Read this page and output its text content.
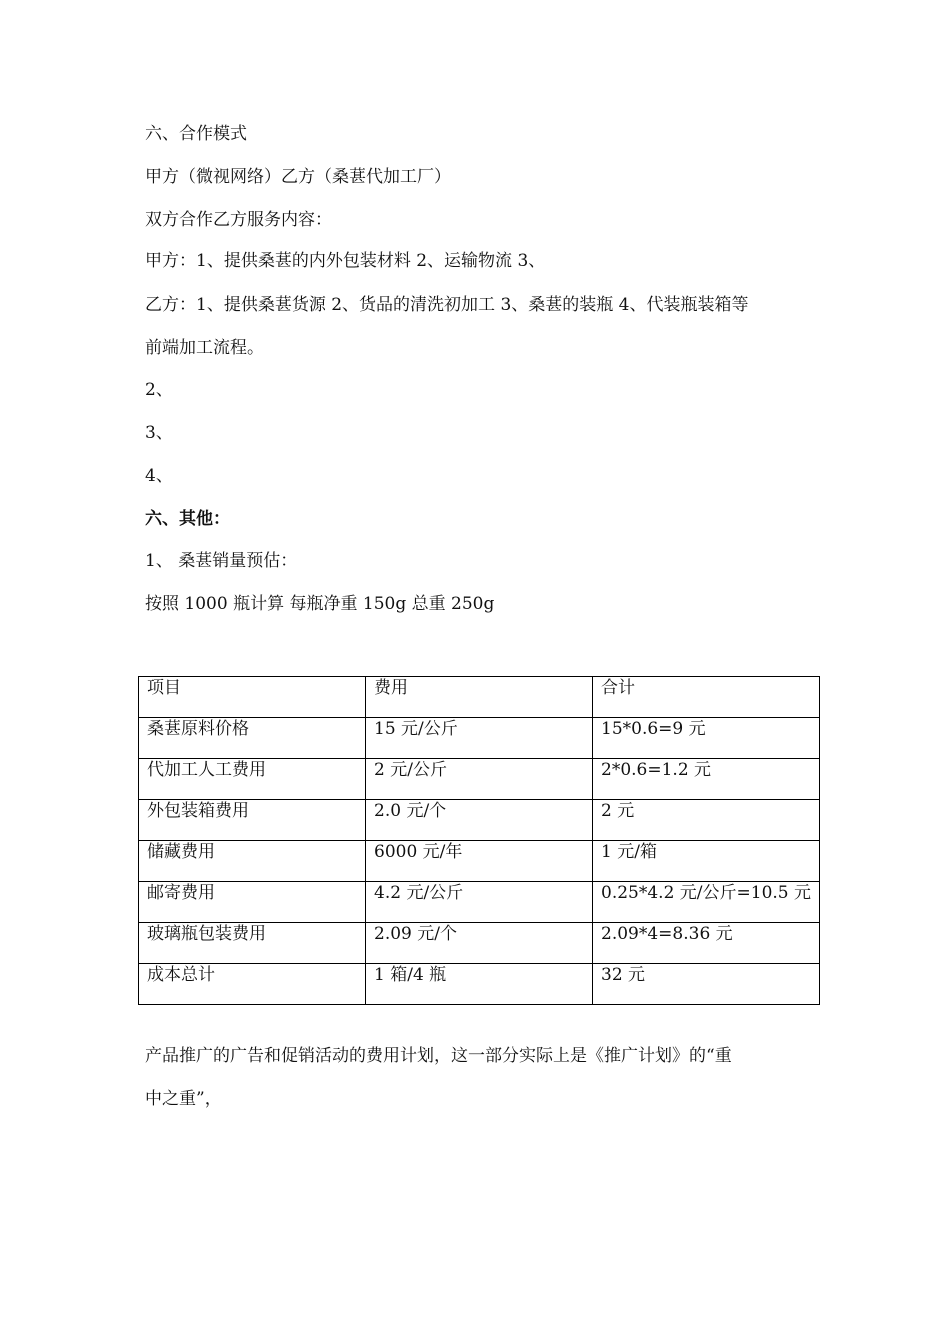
六、合作模式
甲方（微视网络）乙方（桑葚代加工厂）
双方合作乙方服务内容：
甲方：1、提供桑葚的内外包装材料 2、运输物流 3、
乙方：1、提供桑葚货源 2、货品的清洗初加工 3、桑葚的装瓶 4、代装瓶装箱等
前端加工流程。
2、
3、
4、
六、其他：
1、 桑葚销量预估：
按照 1000 瓶计算 每瓶净重 150g 总重 250g
项目	费用	合计
桑葚原料价格	15 元/公斤	15*0.6=9 元
代加工人工费用	2 元/公斤	2*0.6=1.2 元
外包装箱费用	2.0 元/个	2 元
储藏费用	6000 元/年	1 元/箱
邮寄费用	4.2 元/公斤	0.25*4.2 元/公斤=10.5 元
玻璃瓶包装费用	2.09 元/个	2.09*4=8.36 元
成本总计	1 箱/4 瓶	32 元
产品推广的广告和促销活动的费用计划，这一部分实际上是《推广计划》的“重
中之重”，
